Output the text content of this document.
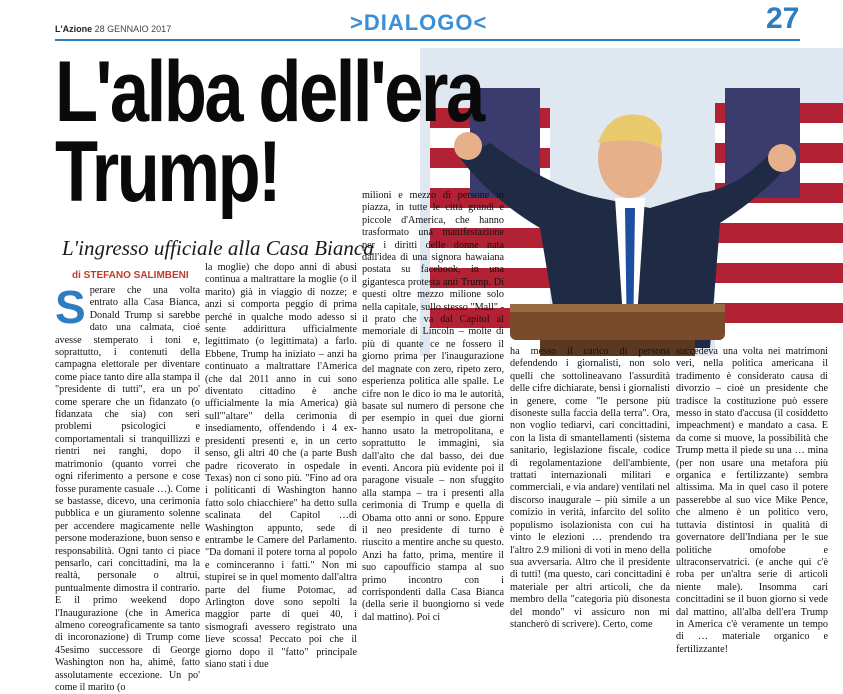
L'Azione 28 GENNAIO 2017	>DIALOGO<	27
L'alba dell'era
Trump!
L'ingresso ufficiale alla Casa Bianca
di STEFANO SALIMBENI
S perare che una volta entrato alla Casa Bianca, Donald Trump si sarebbe dato una calmata, cioé avesse stemperato i toni e, soprattutto, i contenuti della campagna elettorale per diventare come piace tanto dire alla stampa il "presidente di tutti", era un po' come sperare che un fidanzato (o fidanzata che sia) con seri problemi psicologici e comportamentali si tranquillizzi e rientri nei ranghi, dopo il matrimonio (quanto vorrei che ogni riferimento a persone e cose fosse puramente casuale …). Come se bastasse, dicevo, una cerimonia pubblica e un giuramento solenne per accendere magicamente nelle persone moderazione, buon senso e responsabilità. Ogni tanto ci piace pensarlo, cari concittadini, ma la realtà, personale o altrui, puntualmente dimostra il contrario. E il primo weekend dopo l'Inaugurazione (che in America almeno coreograficamente sa tanto di incoronazione) di Trump come 45esimo successore di George Washington non ha, ahimè, fatto assolutamente eccezione. Un po' come il marito (o

la moglie) che dopo anni di abusi continua a maltrattare la moglie (o il marito) già in viaggio di nozze; e anzi si comporta peggio di prima perché in qualche modo adesso si sente addirittura ufficialmente legittimato (o legittimata) a farlo. Ebbene, Trump ha iniziato – anzi ha continuato a maltrattare l'America (che dal 2011 anno in cui sono diventato cittadino è anche ufficialmente la mia America) già sull'"altare" della cerimonia di insediamento, offendendo i 4 ex-presidenti presenti e, in un certo senso, gli altri 40 che (a parte Bush padre ricoverato in ospedale in Texas) non ci sono più. "Fino ad ora i politicanti di Washington hanno fatto solo chiacchiere" ha detto sulla scalinata del Capitol …di Washington appunto, sede di entrambe le Camere del Parlamento. "Da domani il potere torna al popolo e cominceranno i fatti." Non mi stupirei se in quel momento dall'altra parte del fiume Potomac, ad Arlington dove sono sepolti la maggior parte di quei 40, i sismografi avessero registrato una lieve scossa! Peccato poi che il giorno dopo il "fatto" principale siano stati i due

milioni e mezzo di persone in piazza, in tutte le città grandi e piccole d'America, che hanno trasformato una manifestazione per i diritti delle donne nata dall'idea di una signora hawaiana postata su facebook, in una gigantesca protesta anti Trump. Di questi oltre mezzo milione solo nella capitale, sullo stesso "Mall" - il prato che va dal Capitol al memoriale di Lincoln – molte di più di quante ce ne fossero il giorno prima per l'inaugurazione del magnate con zero, ripeto zero, esperienza politica alle spalle. Le cifre non le dico io ma le autorità, basate sul numero di persone che per esempio in quei due giorni hanno usato la metropolitana, e soprattutto le immagini, sia dall'alto che dal basso, dei due eventi. Ancora più evidente poi il paragone visuale – non sfuggito alla stampa – tra i presenti alla cerimonia di Trump e quella di Obama otto anni or sono. Eppure il neo presidente di turno è riuscito a mentire anche su questo. Anzi ha fatto, prima, mentire il suo capoufficio stampa al suo primo incontro con i corrispondenti dalla Casa Bianca (della serie il buongiorno si vede dal mattino). Poi ci

ha messo il carico di persona defendendo i giornalisti, non solo quelli che sottolineavano l'assurdità delle cifre dichiarate, bensì i giornalisti in genere, come "le persone più disoneste sulla faccia della terra". Ora, non voglio tediarvi, cari concittadini, con la lista di smantellamenti (sistema sanitario, legislazione fiscale, codice di regolamentazione dell'ambiente, trattati internazionali militari e commerciali, e via andare) ventilati nel discorso inaugurale – più simile a un comizio in verità, infarcito del solito populismo isolazionista con cui ha vinto le elezioni … prendendo tra l'altro 2.9 milioni di voti in meno della sua avversaria. Altro che il presidente di tutti! (ma questo, cari concittadini è materiale per altri articoli, che da membro della "categoria più disonesta del mondo" vi assicuro non mi stancherò di scrivere). Certo, come

succedeva una volta nei matrimoni veri, nella politica americana il tradimento è considerato causa di divorzio – cioè un presidente che tradisce la costituzione può essere messo in stato d'accusa (il cosiddetto impeachment) e mandato a casa. E da come si muove, la possibilità che Trump metta il piede su una … mina (per non usare una metafora più organica e fertilizzante) sembra altissima. Ma in quel caso il potere passerebbe al suo vice Mike Pence, che almeno è un politico vero, tuttavia distintosi in qualità di governatore dell'Indiana per le sue politiche omofobe e ultraconservatrici. (e anche qui c'è roba per un'altra serie di articoli niente male). Insomma cari concittadini se il buon giorno si vede dal mattino, all'alba dell'era Trump in America c'è veramente un tempo di … materiale organico e fertilizzante!
